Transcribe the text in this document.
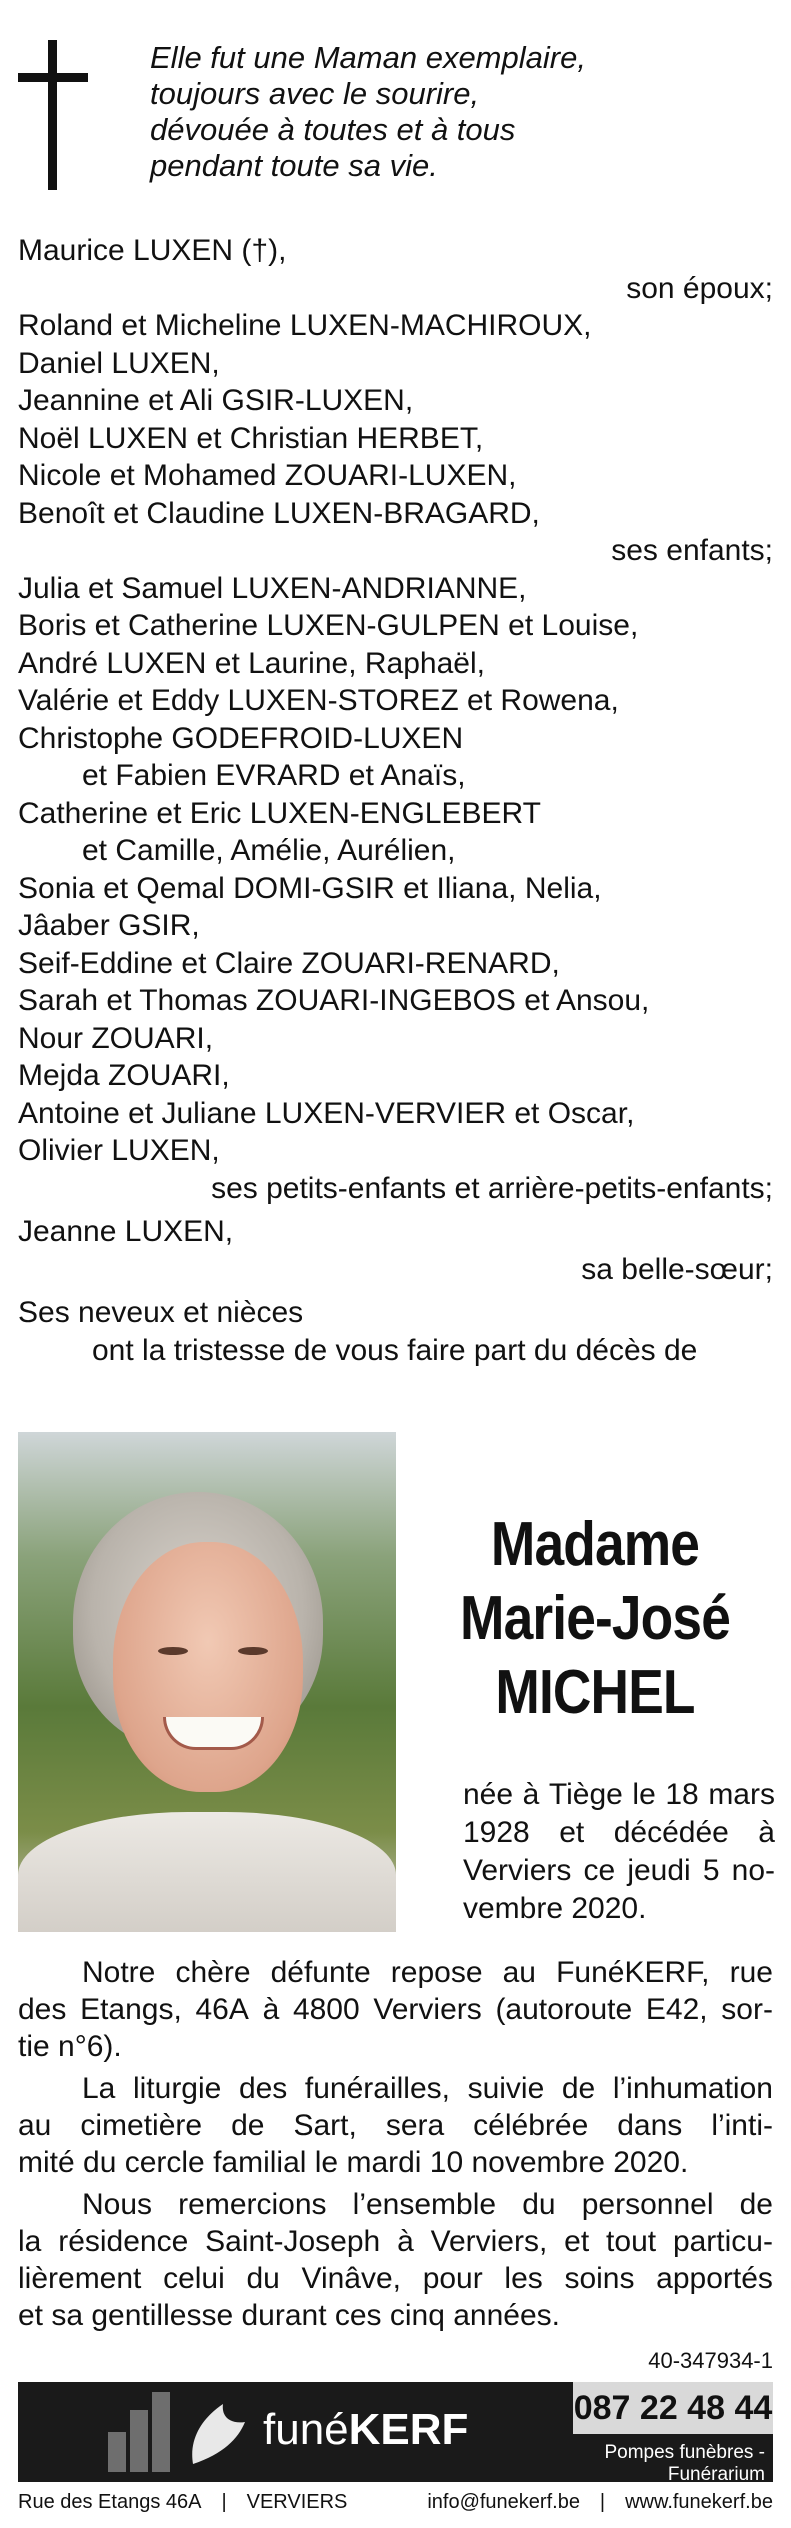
Elle fut une Maman exemplaire,
toujours avec le sourire,
dévouée à toutes et à tous
pendant toute sa vie.
Maurice LUXEN (†),
son époux;
Roland et Micheline LUXEN-MACHIROUX,
Daniel LUXEN,
Jeannine et Ali GSIR-LUXEN,
Noël LUXEN et Christian HERBET,
Nicole et Mohamed ZOUARI-LUXEN,
Benoît et Claudine LUXEN-BRAGARD,
ses enfants;
Julia et Samuel LUXEN-ANDRIANNE,
Boris et Catherine LUXEN-GULPEN et Louise,
André LUXEN et Laurine, Raphaël,
Valérie et Eddy LUXEN-STOREZ et Rowena,
Christophe GODEFROID-LUXEN
et Fabien EVRARD et Anaïs,
Catherine et Eric LUXEN-ENGLEBERT
et Camille, Amélie, Aurélien,
Sonia et Qemal DOMI-GSIR et Iliana, Nelia,
Jâaber GSIR,
Seif-Eddine et Claire ZOUARI-RENARD,
Sarah et Thomas ZOUARI-INGEBOS et Ansou,
Nour ZOUARI,
Mejda ZOUARI,
Antoine et Juliane LUXEN-VERVIER et Oscar,
Olivier LUXEN,
ses petits-enfants et arrière-petits-enfants;
Jeanne LUXEN,
sa belle-sœur;
Ses neveux et nièces
ont la tristesse de vous faire part du décès de
Madame
Marie-José
MICHEL
née à Tiège le 18 mars
1928 et décédée à
Verviers ce jeudi 5 no-
vembre 2020.
Notre chère défunte repose au FunéKERF, rue
des Etangs, 46A à 4800 Verviers (autoroute E42, sor-
tie n°6).
La liturgie des funérailles, suivie de l’inhumation
au cimetière de Sart, sera célébrée dans l’inti-
mité du cercle familial le mardi 10 novembre 2020.
Nous remercions l’ensemble du personnel de
la résidence Saint-Joseph à Verviers, et tout particu-
lièrement celui du Vinâve, pour les soins apportés
et sa gentillesse durant ces cinq années.
40-347934-1
funéKERF	087 22 48 44
Pompes funèbres - Funérarium
Rue des Etangs 46A | VERVIERS	info@funekerf.be | www.funekerf.be
